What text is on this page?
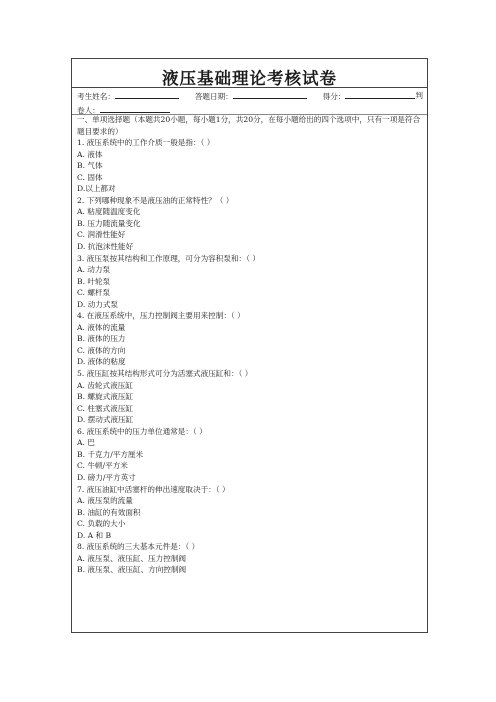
液压基础理论考核试卷
考生姓名：	答题日期：	得分：	判
卷人：
一、单项选择题（本题共20小题，每小题1分，共20分，在每小题给出的四个选项中，只有一项是符合题目要求的）
1. 液压系统中的工作介质一般是指：（ ）
A. 液体
B. 气体
C. 固体
D.以上都对
2. 下列哪种现象不是液压油的正常特性？（ ）
A. 粘度随温度变化
B. 压力随流量变化
C. 润滑性能好
D. 抗泡沫性能好
3. 液压泵按其结构和工作原理，可分为容积泵和：（ ）
A. 动力泵
B. 叶轮泵
C. 螺杆泵
D. 动力式泵
4. 在液压系统中，压力控制阀主要用来控制：（ ）
A. 液体的流量
B. 液体的压力
C. 液体的方向
D. 液体的粘度
5. 液压缸按其结构形式可分为活塞式液压缸和：（ ）
A. 齿轮式液压缸
B. 螺旋式液压缸
C. 柱塞式液压缸
D. 摆动式液压缸
6. 液压系统中的压力单位通常是：（ ）
A. 巴
B. 千克力/平方厘米
C. 牛顿/平方米
D. 磅力/平方英寸
7. 液压油缸中活塞杆的伸出速度取决于：（ ）
A. 液压泵的流量
B. 油缸的有效面积
C. 负载的大小
D. A 和 B
8. 液压系统的三大基本元件是：（ ）
A. 液压泵、液压缸、压力控制阀
B. 液压泵、液压缸、方向控制阀
